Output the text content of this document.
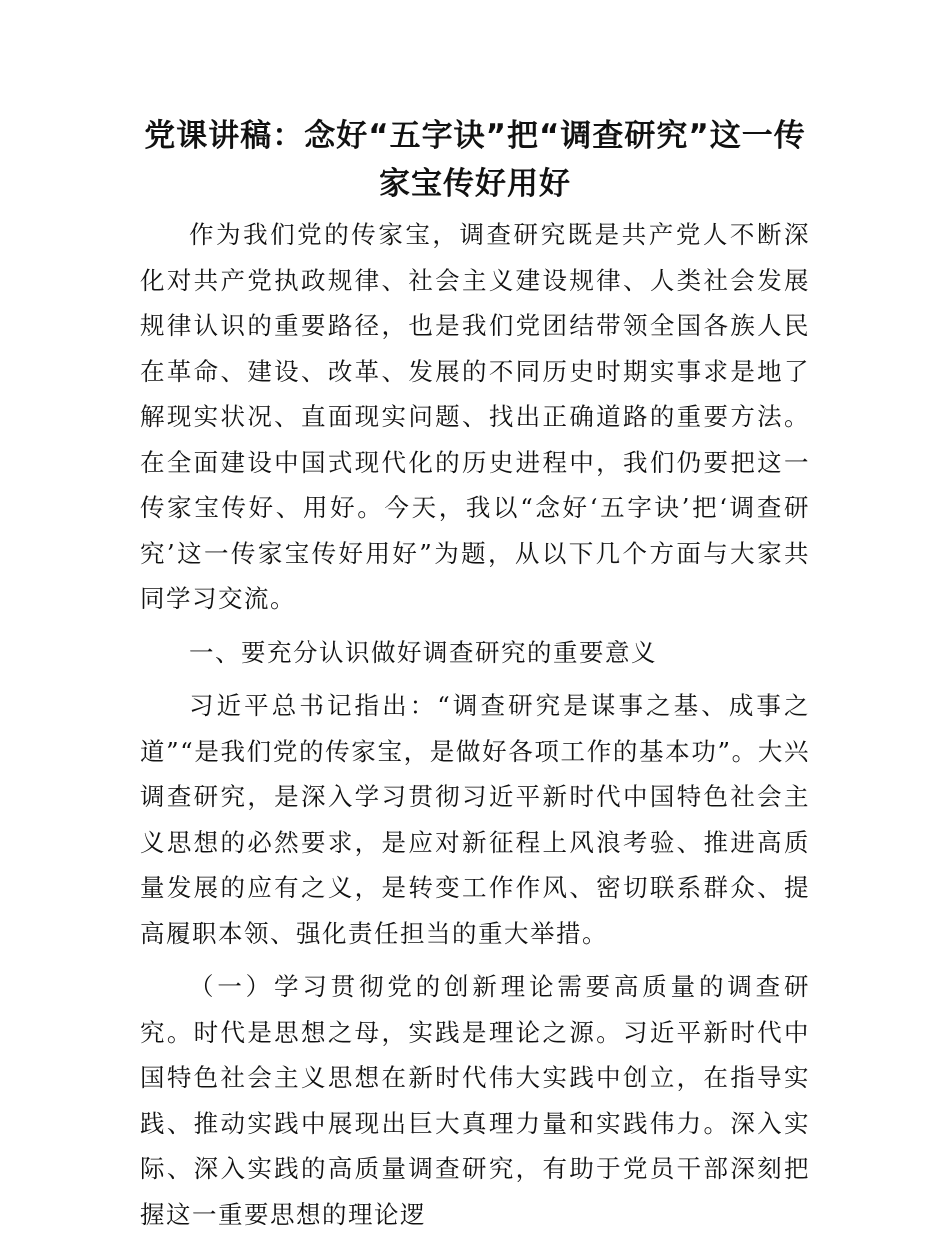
党课讲稿：念好“五字诀”把“调查研究”这一传家宝传好用好

作为我们党的传家宝，调查研究既是共产党人不断深化对共产党执政规律、社会主义建设规律、人类社会发展规律认识的重要路径，也是我们党团结带领全国各族人民在革命、建设、改革、发展的不同历史时期实事求是地了解现实状况、直面现实问题、找出正确道路的重要方法。在全面建设中国式现代化的历史进程中，我们仍要把这一传家宝传好、用好。今天，我以“念好‘五字诀’把‘调查研究’这一传家宝传好用好”为题，从以下几个方面与大家共同学习交流。

一、要充分认识做好调查研究的重要意义

习近平总书记指出：“调查研究是谋事之基、成事之道”“是我们党的传家宝，是做好各项工作的基本功”。大兴调查研究，是深入学习贯彻习近平新时代中国特色社会主义思想的必然要求，是应对新征程上风浪考验、推进高质量发展的应有之义，是转变工作作风、密切联系群众、提高履职本领、强化责任担当的重大举措。

（一）学习贯彻党的创新理论需要高质量的调查研究。时代是思想之母，实践是理论之源。习近平新时代中国特色社会主义思想在新时代伟大实践中创立，在指导实践、推动实践中展现出巨大真理力量和实践伟力。深入实际、深入实践的高质量调查研究，有助于党员干部深刻把握这一重要思想的理论逻
